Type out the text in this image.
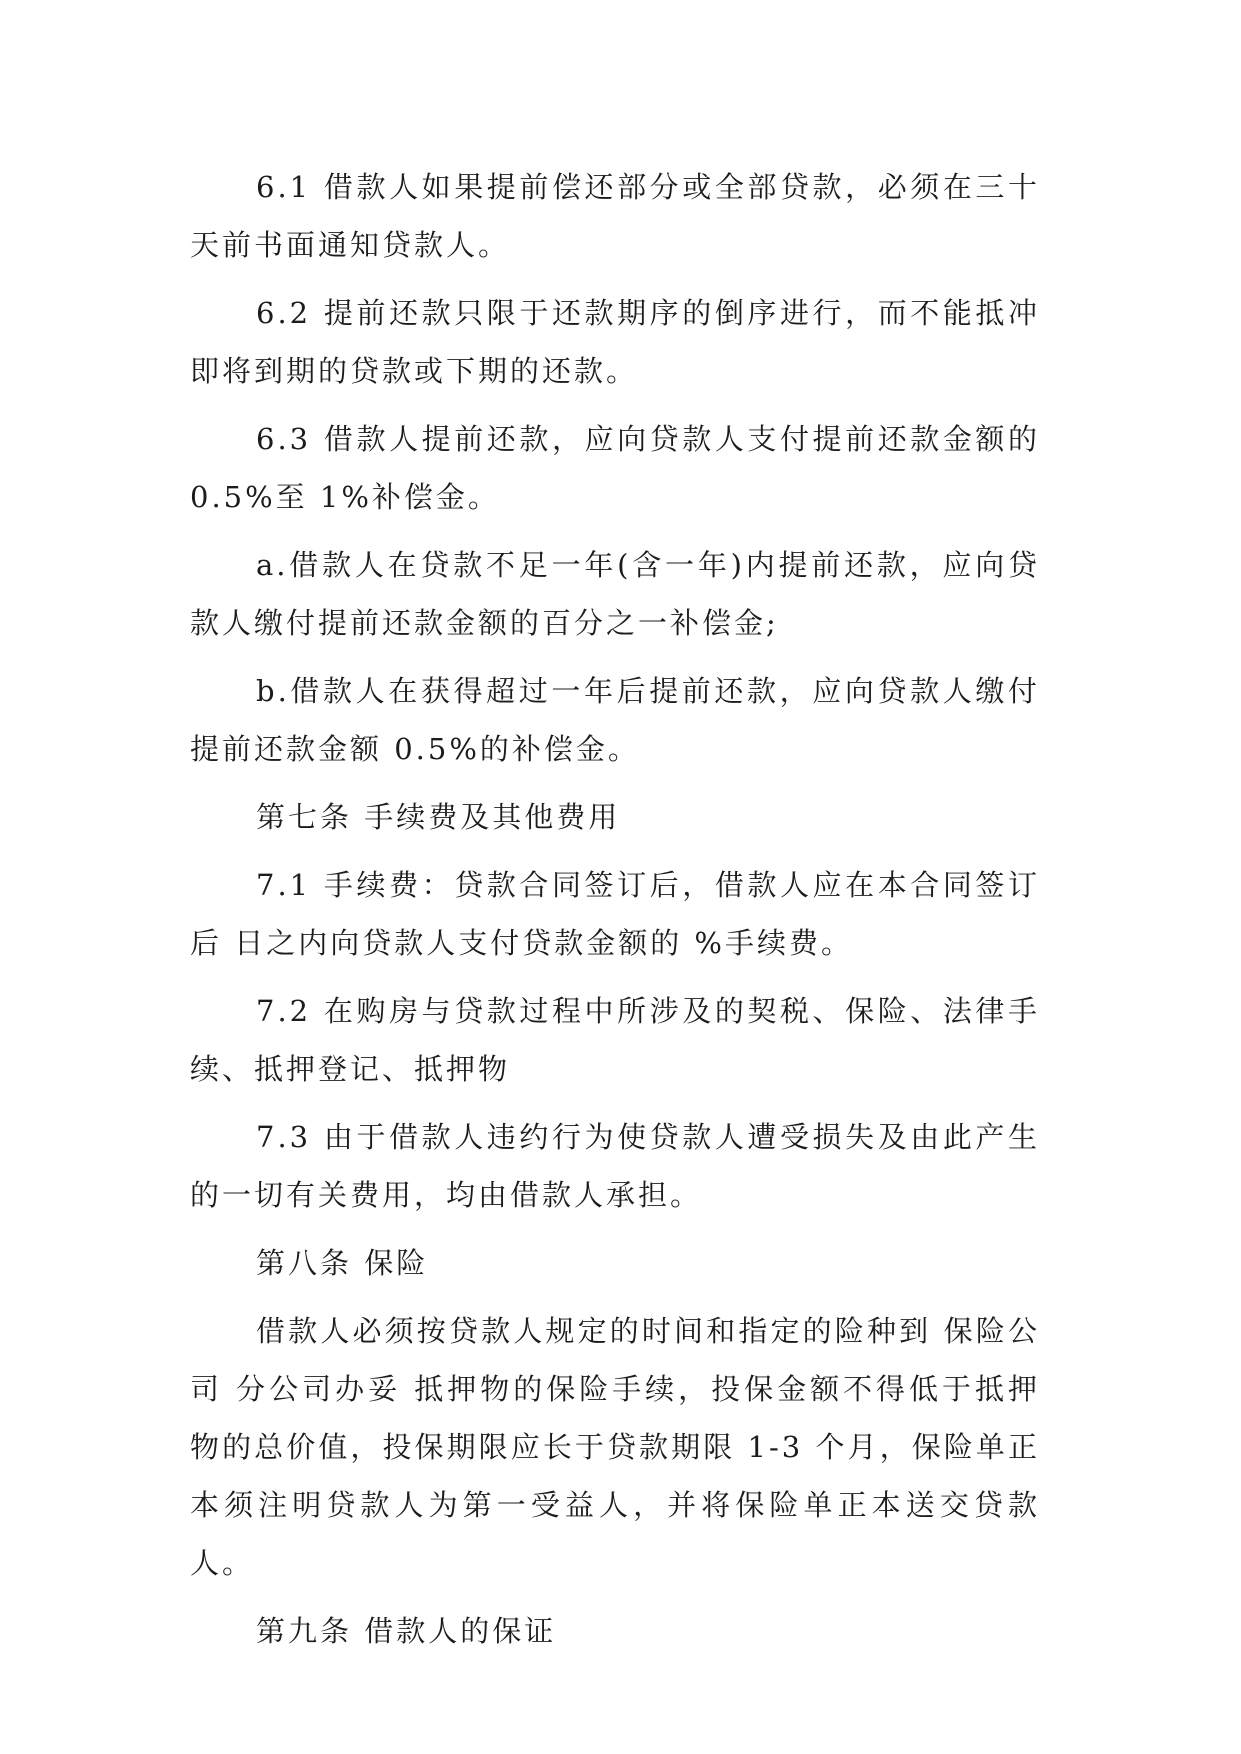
6.1 借款人如果提前偿还部分或全部贷款，必须在三十天前书面通知贷款人。

6.2 提前还款只限于还款期序的倒序进行，而不能抵冲即将到期的贷款或下期的还款。

6.3 借款人提前还款，应向贷款人支付提前还款金额的0.5%至 1%补偿金。

a.借款人在贷款不足一年(含一年)内提前还款，应向贷款人缴付提前还款金额的百分之一补偿金;

b.借款人在获得超过一年后提前还款，应向贷款人缴付提前还款金额 0.5%的补偿金。

第七条 手续费及其他费用

7.1 手续费：贷款合同签订后，借款人应在本合同签订后 日之内向贷款人支付贷款金额的 %手续费。

7.2 在购房与贷款过程中所涉及的契税、保险、法律手续、抵押登记、抵押物

7.3 由于借款人违约行为使贷款人遭受损失及由此产生的一切有关费用，均由借款人承担。

第八条 保险

借款人必须按贷款人规定的时间和指定的险种到 保险公司 分公司办妥 抵押物的保险手续，投保金额不得低于抵押物的总价值，投保期限应长于贷款期限 1-3 个月，保险单正本须注明贷款人为第一受益人，并将保险单正本送交贷款人。

第九条 借款人的保证
